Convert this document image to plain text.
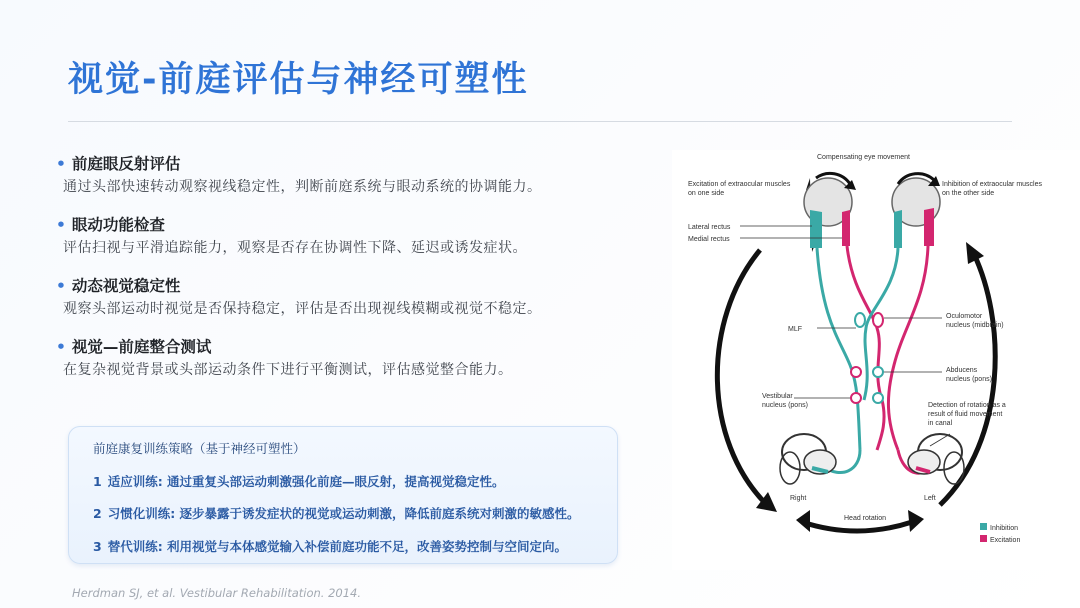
视觉-前庭评估与神经可塑性
• 前庭眼反射评估
通过头部快速转动观察视线稳定性，判断前庭系统与眼动系统的协调能力。
• 眼动功能检查
评估扫视与平滑追踪能力，观察是否存在协调性下降、延迟或诱发症状。
• 动态视觉稳定性
观察头部运动时视觉是否保持稳定，评估是否出现视线模糊或视觉不稳定。
• 视觉—前庭整合测试
在复杂视觉背景或头部运动条件下进行平衡测试，评估感觉整合能力。
前庭康复训练策略（基于神经可塑性）
1 适应训练: 通过重复头部运动刺激强化前庭—眼反射，提高视觉稳定性。
2 习惯化训练: 逐步暴露于诱发症状的视觉或运动刺激，降低前庭系统对刺激的敏感性。
3 替代训练: 利用视觉与本体感觉输入补偿前庭功能不足，改善姿势控制与空间定向。
Herdman SJ, et al. Vestibular Rehabilitation. 2014.
Compensating eye movement
Excitation of extraocular muscles
on one side
Inhibition of extraocular muscles
on the other side
Lateral rectus
Medial rectus
MLF
Oculomotor
nucleus (midbrain)
Abducens
nucleus (pons)
Vestibular
nucleus (pons)	Detection of rotation as a
result of fluid movement
in canal
Right	Left
Head rotation
Inhibition
Excitation
